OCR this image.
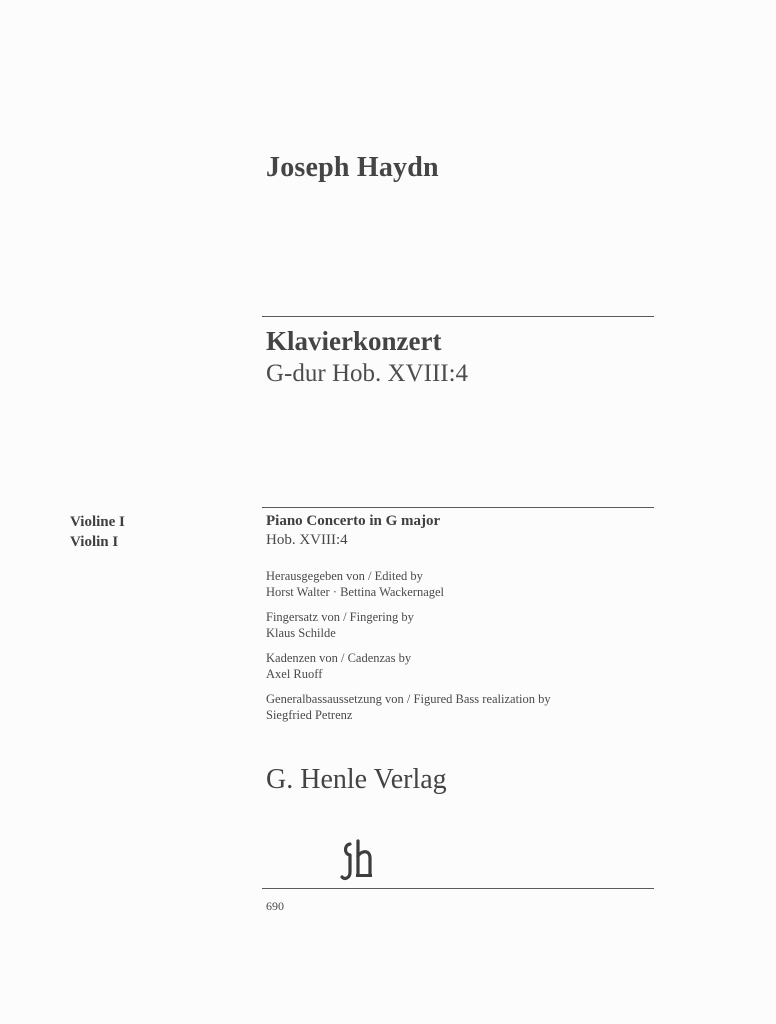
Joseph Haydn
Klavierkonzert
G-dur Hob. XVIII:4
Violine I
Violin I
Piano Concerto in G major
Hob. XVIII:4
Herausgegeben von / Edited by
Horst Walter · Bettina Wackernagel
Fingersatz von / Fingering by
Klaus Schilde
Kadenzen von / Cadenzas by
Axel Ruoff
Generalbassaussetzung von / Figured Bass realization by
Siegfried Petrenz
G. Henle Verlag
690
